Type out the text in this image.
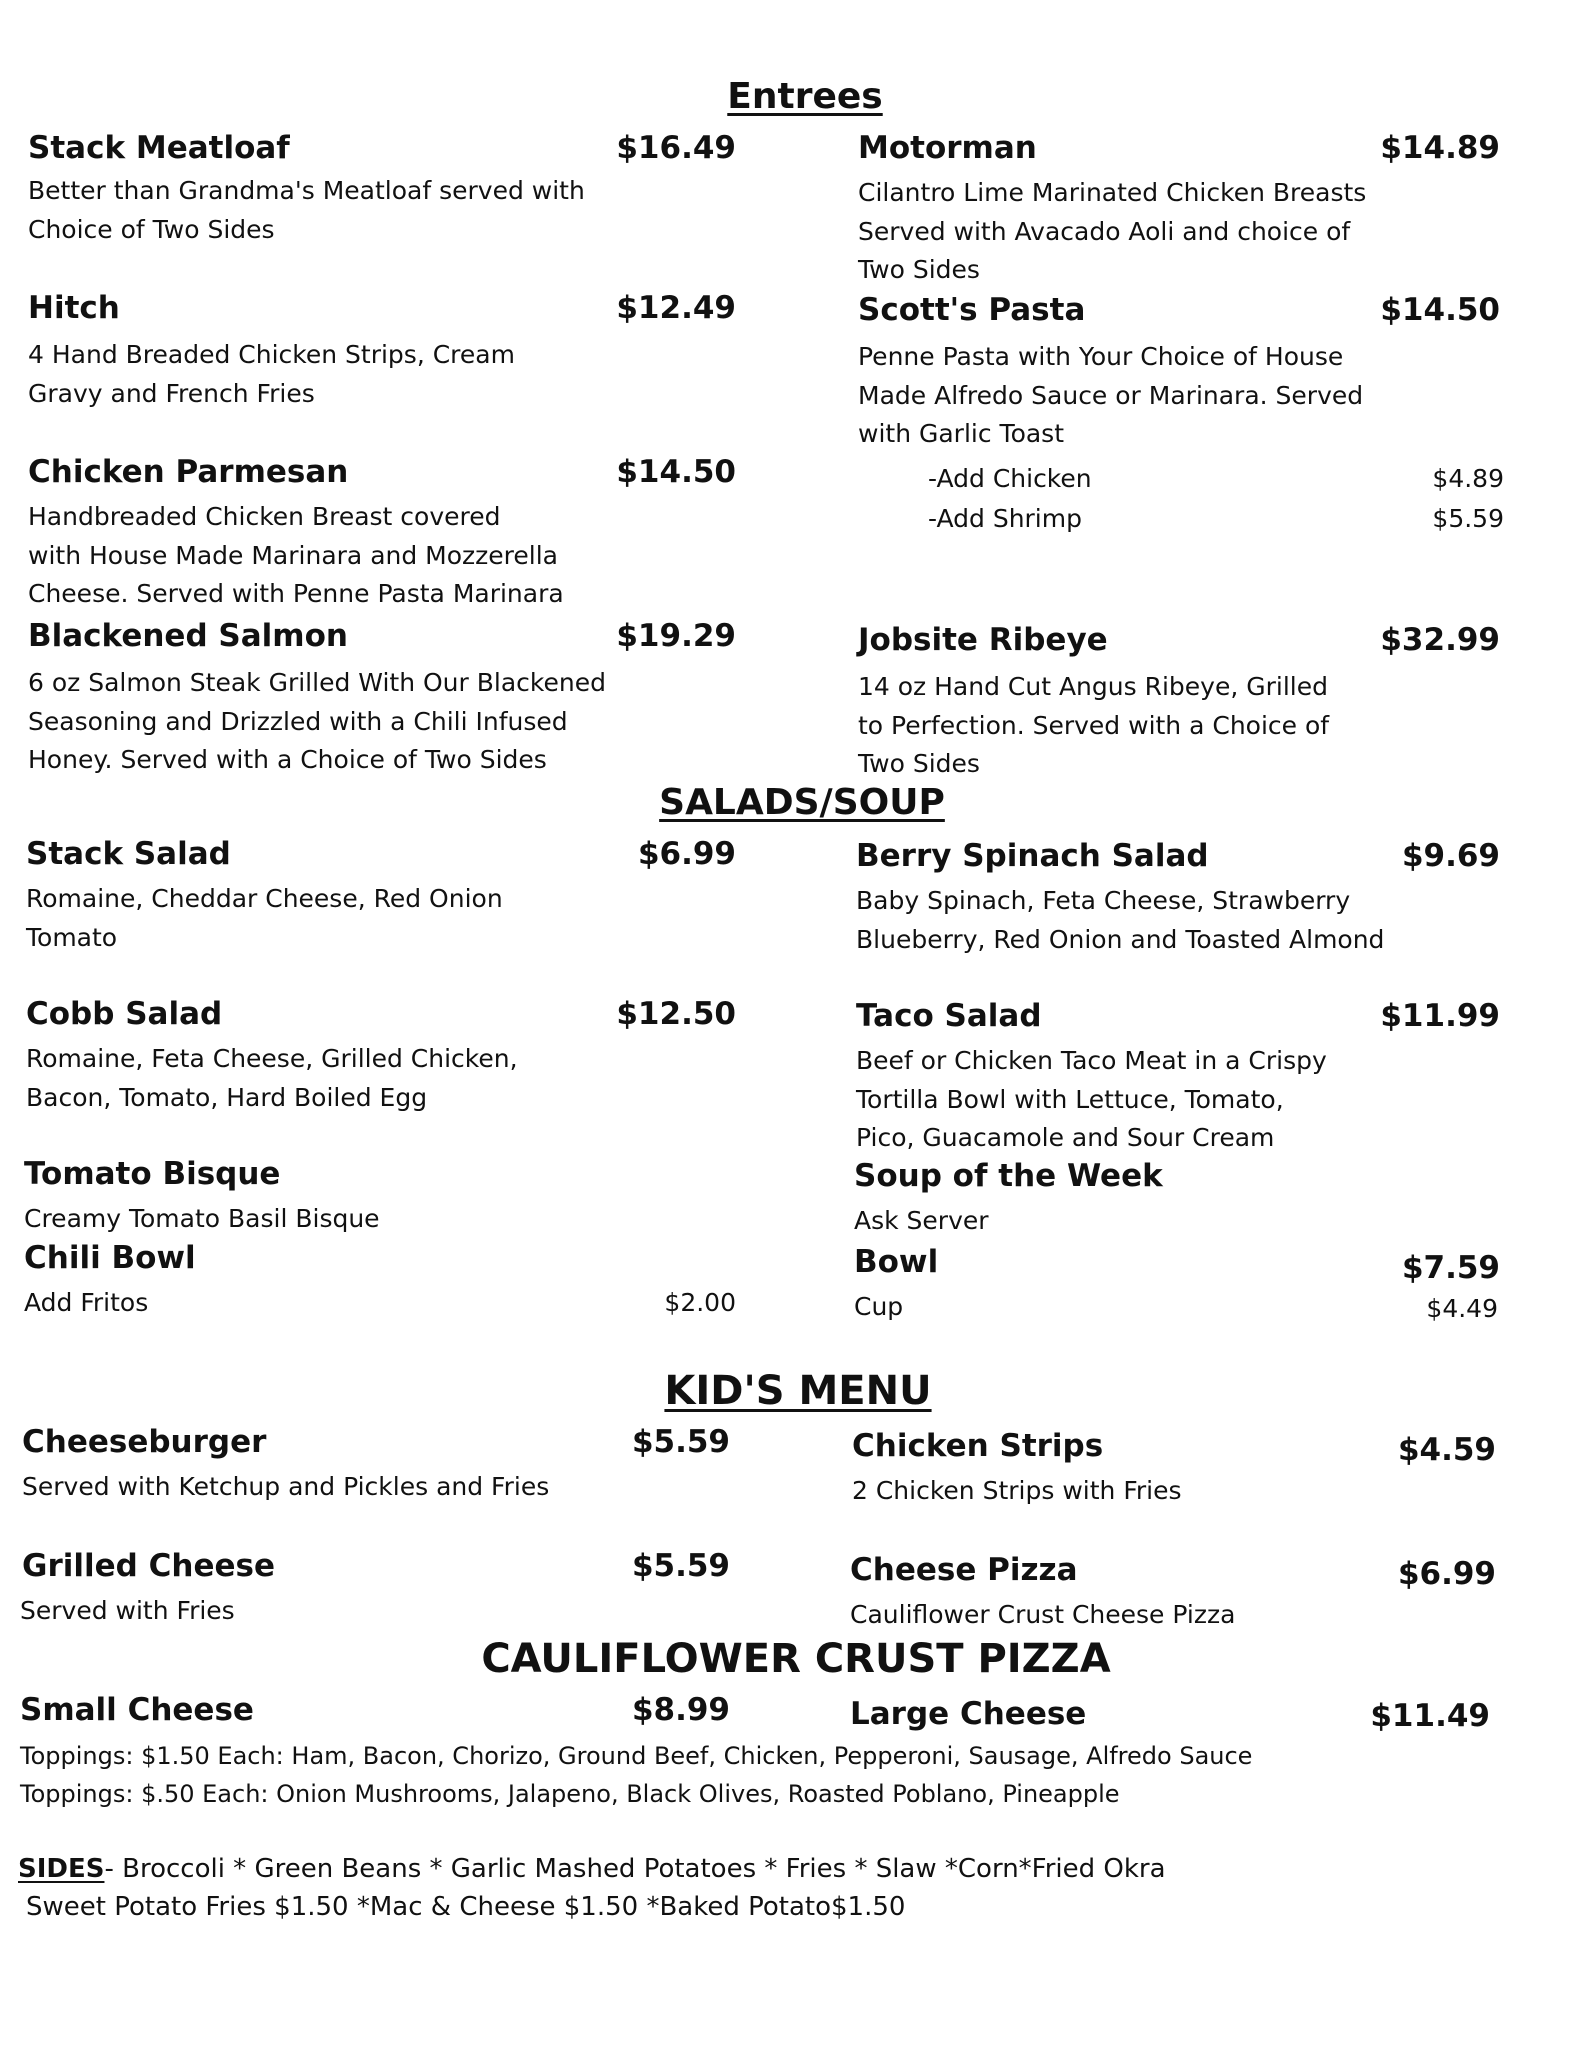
Entrees
Stack Meatloaf	$16.49
Better than Grandma's Meatloaf served with
Choice of Two Sides
Motorman	$14.89
Cilantro Lime Marinated Chicken Breasts
Served with Avacado Aoli and choice of
Two Sides
Hitch	$12.49
4 Hand Breaded Chicken Strips, Cream
Gravy and French Fries
Scott's Pasta	$14.50
Penne Pasta with Your Choice of House
Made Alfredo Sauce or Marinara. Served
with Garlic Toast
-Add Chicken	$4.89
-Add Shrimp	$5.59
Chicken Parmesan	$14.50
Handbreaded Chicken Breast covered
with House Made Marinara and Mozzerella
Cheese. Served with Penne Pasta Marinara
Blackened Salmon	$19.29
6 oz Salmon Steak Grilled With Our Blackened
Seasoning and Drizzled with a Chili Infused
Honey. Served with a Choice of Two Sides
Jobsite Ribeye	$32.99
14 oz Hand Cut Angus Ribeye, Grilled
to Perfection. Served with a Choice of
Two Sides
SALADS/SOUP
Stack Salad	$6.99
Romaine, Cheddar Cheese, Red Onion
Tomato
Berry Spinach Salad	$9.69
Baby Spinach, Feta Cheese, Strawberry
Blueberry, Red Onion and Toasted Almond
Cobb Salad	$12.50
Romaine, Feta Cheese, Grilled Chicken,
Bacon, Tomato, Hard Boiled Egg
Taco Salad	$11.99
Beef or Chicken Taco Meat in a Crispy
Tortilla Bowl with Lettuce, Tomato,
Pico, Guacamole and Sour Cream
Tomato Bisque
Creamy Tomato Basil Bisque
Soup of the Week
Ask Server
Chili Bowl
Add Fritos	$2.00
Bowl	$7.59
Cup	$4.49
KID'S MENU
Cheeseburger	$5.59
Served with Ketchup and Pickles and Fries
Chicken Strips	$4.59
2 Chicken Strips with Fries
Grilled Cheese	$5.59
Served with Fries
Cheese Pizza	$6.99
Cauliflower Crust Cheese Pizza
CAULIFLOWER CRUST PIZZA
Small Cheese	$8.99	Large Cheese	$11.49
Toppings: $1.50 Each: Ham, Bacon, Chorizo, Ground Beef, Chicken, Pepperoni, Sausage, Alfredo Sauce
Toppings: $.50 Each: Onion Mushrooms, Jalapeno, Black Olives, Roasted Poblano, Pineapple
SIDES- Broccoli * Green Beans * Garlic Mashed Potatoes * Fries * Slaw *Corn*Fried Okra
Sweet Potato Fries $1.50 *Mac & Cheese $1.50 *Baked Potato$1.50
